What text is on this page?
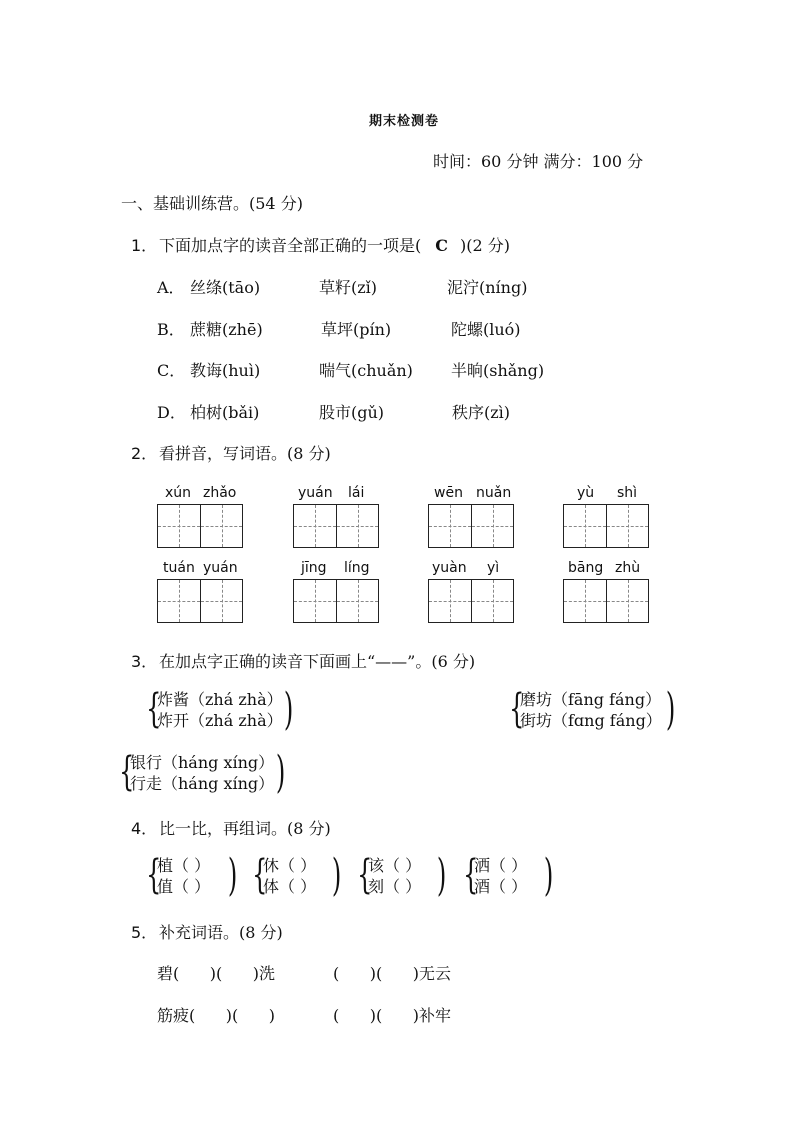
期末检测卷
时间：60 分钟 满分：100 分
一、基础训练营。(54 分)
1． 下面加点字的读音全部正确的一项是( C )(2 分)
A． 丝绦(tāo)	草籽(zǐ)	泥泞(níng)
B． 蔗糖(zhē)	草坪(pín)	陀螺(luó)
C． 教诲(huì)	喘气(chuǎn) 半晌(shǎng)
D． 柏树(bǎi)	股市(gǔ)	秩序(zì)
2． 看拼音，写词语。(8 分)
xún zhǎo	yuán lái	wēn nuǎn	yù shì
tuán yuán	jīng líng	yuàn yì	bāng zhù
3． 在加点字正确的读音下面画上“——”。(6 分)
{
炸酱（zhá zhà）
炸开（zhá zhà） )	{
磨坊（fāng fáng）
街坊（fɑng fáng） )
{
银行（háng xíng）
行走（háng xíng） )
4． 比一比，再组词。(8 分)
{
植（ ）
值（ ） ) {
休（ ）
体（ ） ) {
该（ ）
刻（ ） ) {
洒（ ）
酒（ ） )
5． 补充词语。(8 分)
碧(      )(      )洗	(      )(      )无云
筋疲(      )(      )	(      )(      )补牢
